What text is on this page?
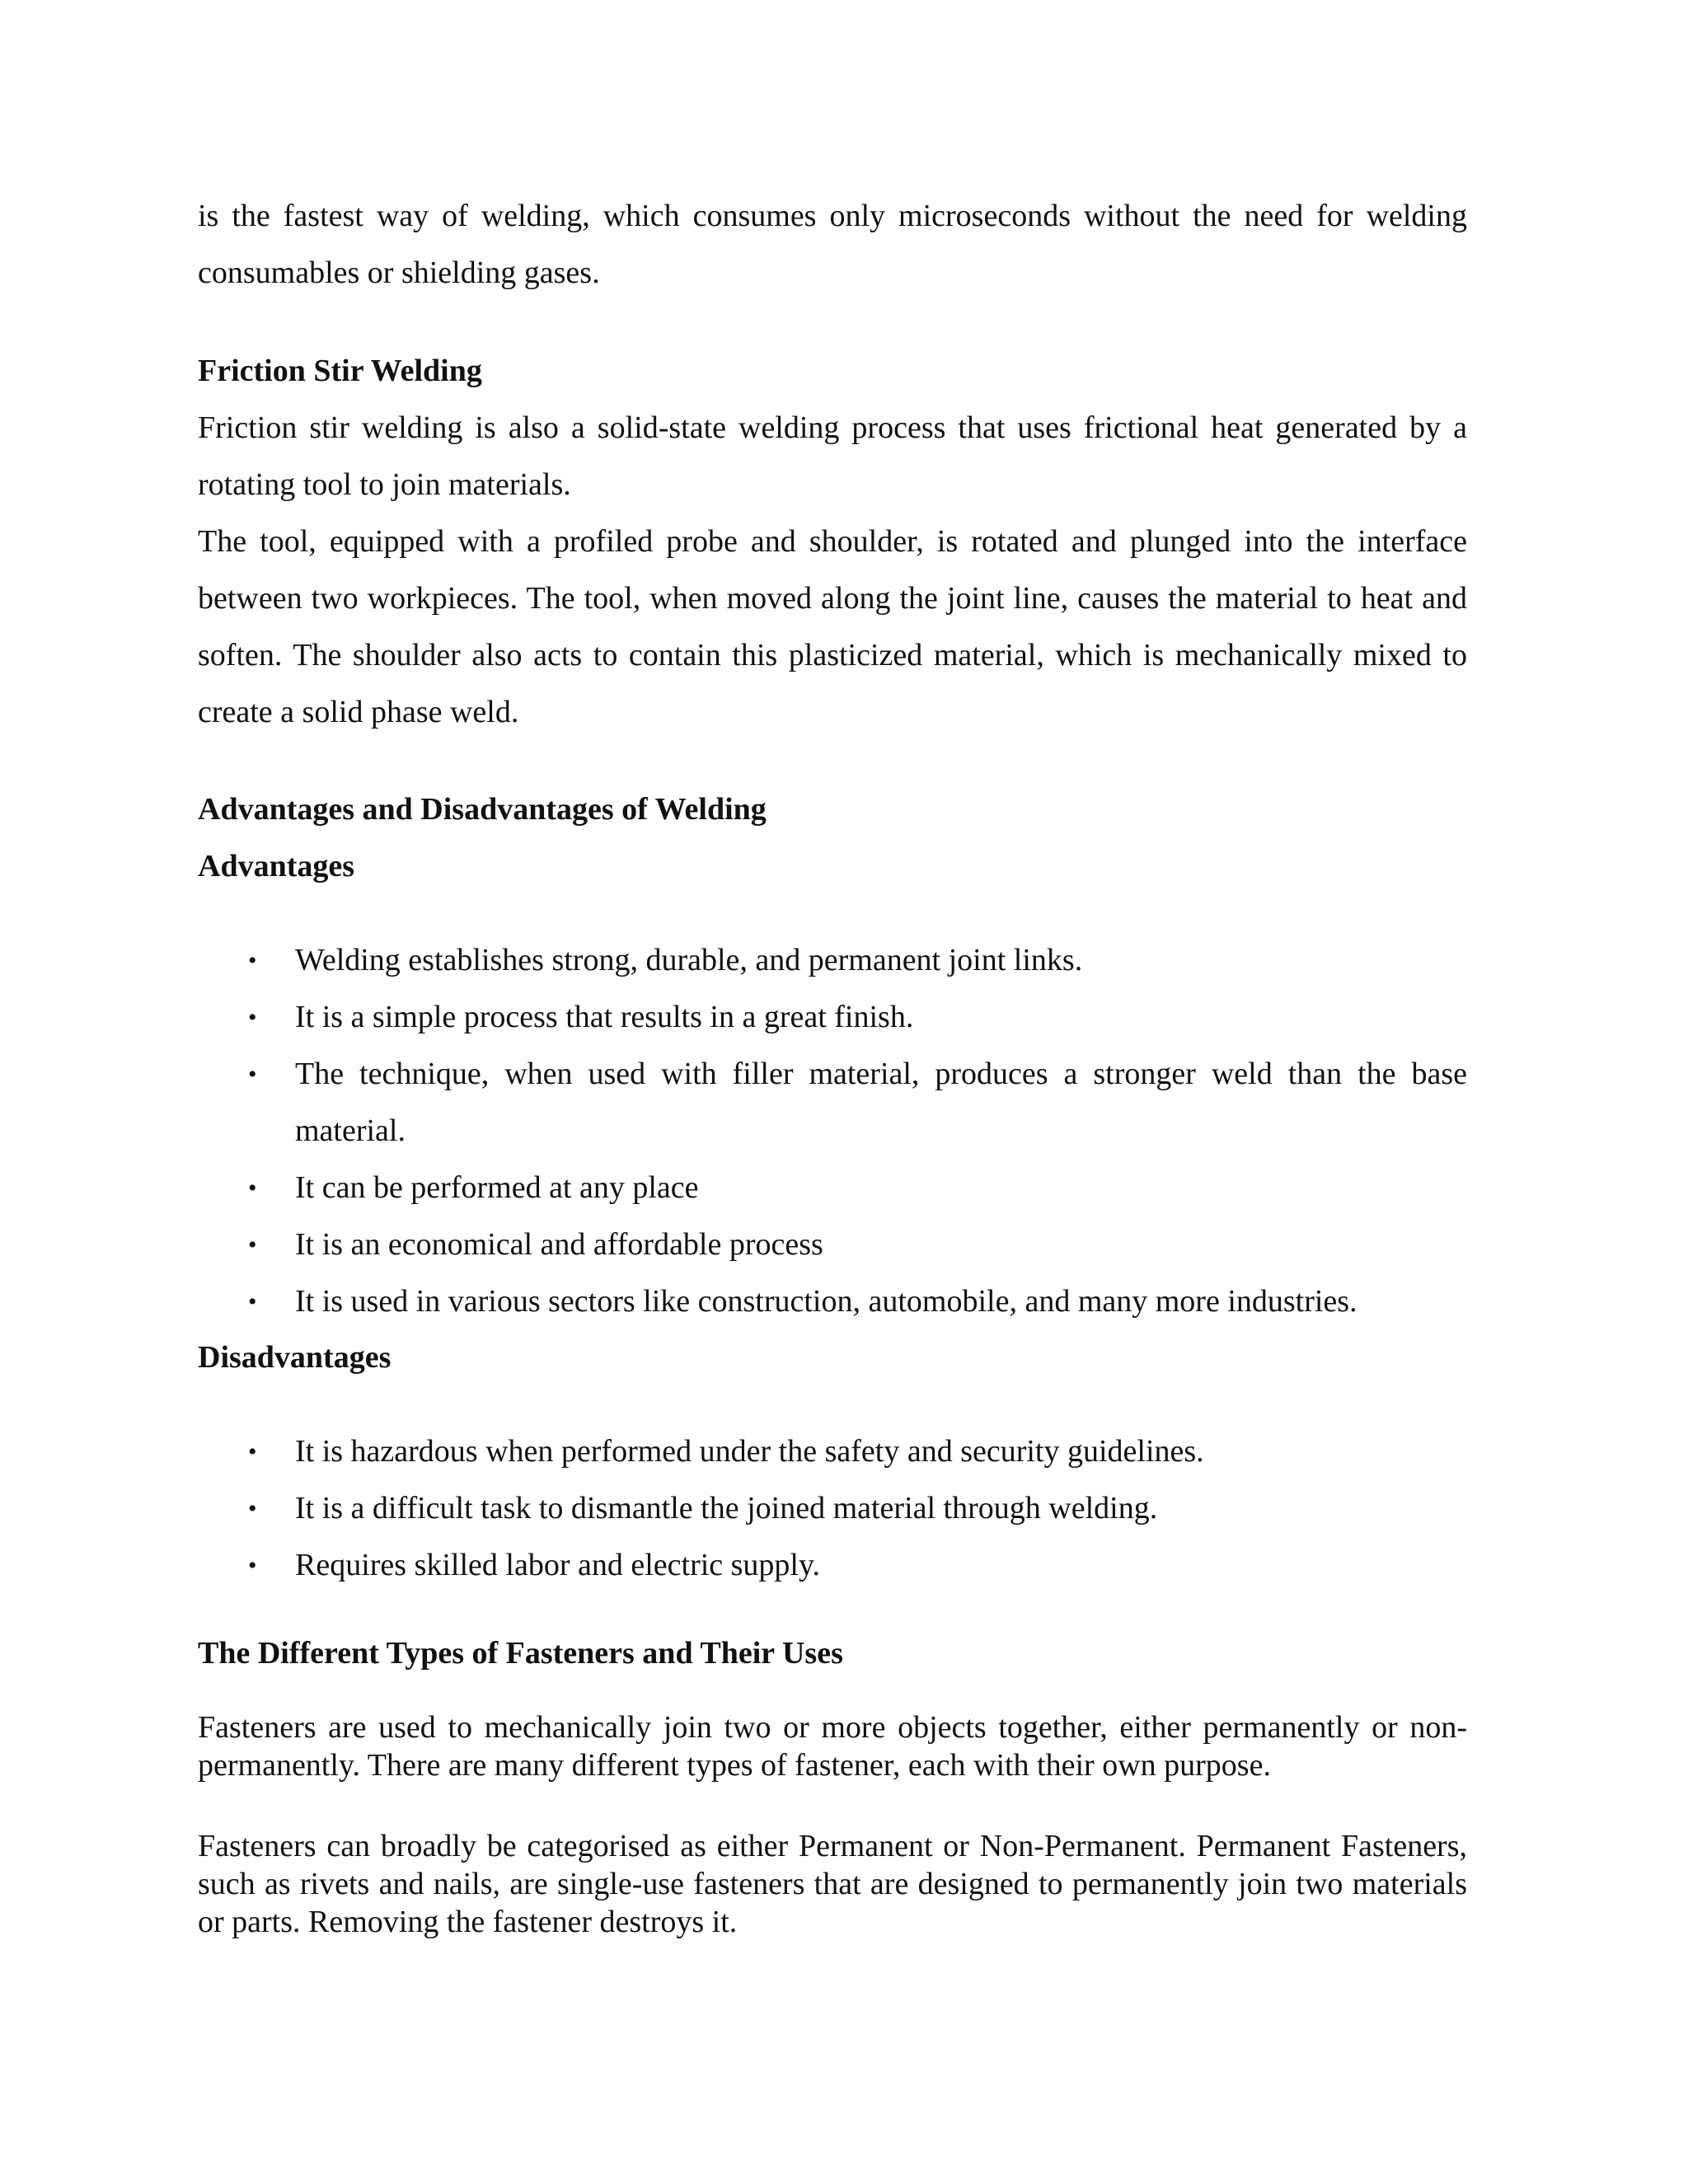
is the fastest way of welding, which consumes only microseconds without the need for welding consumables or shielding gases.

Friction Stir Welding

Friction stir welding is also a solid-state welding process that uses frictional heat generated by a rotating tool to join materials.

The tool, equipped with a profiled probe and shoulder, is rotated and plunged into the interface between two workpieces. The tool, when moved along the joint line, causes the material to heat and soften. The shoulder also acts to contain this plasticized material, which is mechanically mixed to create a solid phase weld.

Advantages and Disadvantages of Welding

Advantages

• Welding establishes strong, durable, and permanent joint links.
• It is a simple process that results in a great finish.
• The technique, when used with filler material, produces a stronger weld than the base material.
• It can be performed at any place
• It is an economical and affordable process
• It is used in various sectors like construction, automobile, and many more industries.

Disadvantages

• It is hazardous when performed under the safety and security guidelines.
• It is a difficult task to dismantle the joined material through welding.
• Requires skilled labor and electric supply.

The Different Types of Fasteners and Their Uses

Fasteners are used to mechanically join two or more objects together, either permanently or non-permanently. There are many different types of fastener, each with their own purpose.

Fasteners can broadly be categorised as either Permanent or Non-Permanent. Permanent Fasteners, such as rivets and nails, are single-use fasteners that are designed to permanently join two materials or parts. Removing the fastener destroys it.
